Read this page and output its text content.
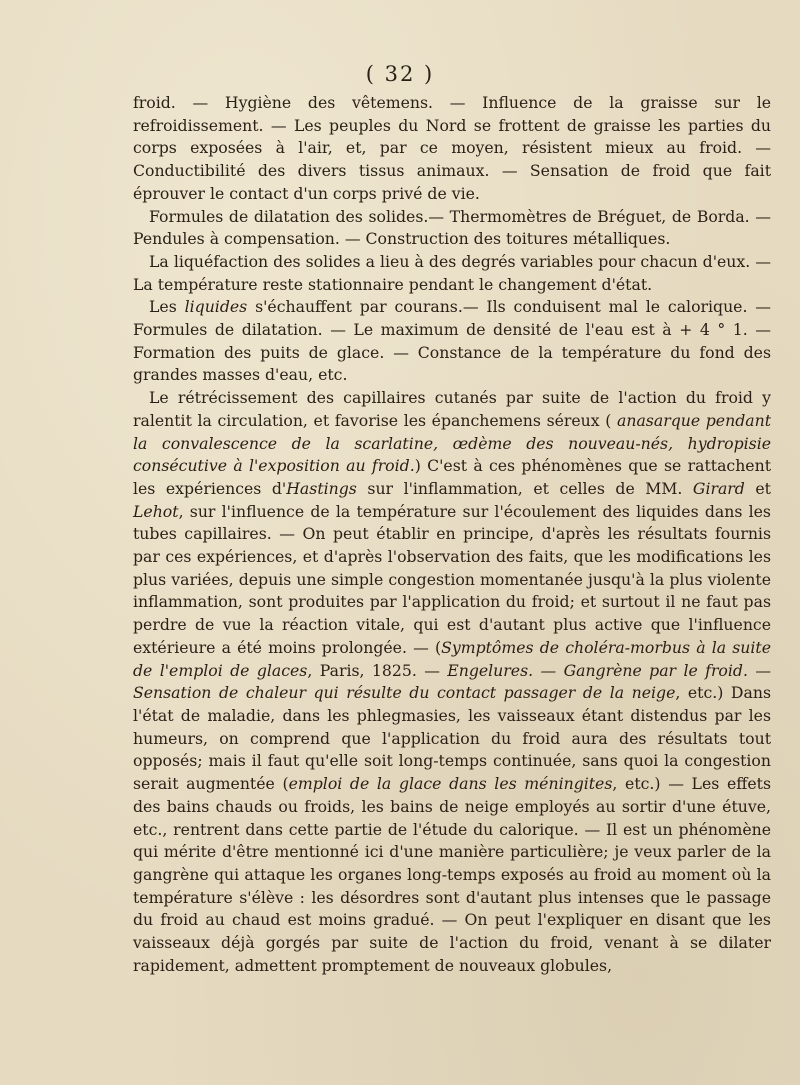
( 32 )

froid. — Hygiène des vêtemens. — Influence de la graisse sur le refroidissement. — Les peuples du Nord se frottent de graisse les parties du corps exposées à l'air, et, par ce moyen, résistent mieux au froid. — Conductibilité des divers tissus animaux. — Sensation de froid que fait éprouver le contact d'un corps privé de vie.

Formules de dilatation des solides.— Thermomètres de Bréguet, de Borda. — Pendules à compensation. — Construction des toitures métalliques.

La liquéfaction des solides a lieu à des degrés variables pour chacun d'eux. — La température reste stationnaire pendant le changement d'état.

Les liquides s'échauffent par courans.— Ils conduisent mal le calorique. — Formules de dilatation. — Le maximum de densité de l'eau est à + 4 ° 1. — Formation des puits de glace. — Constance de la température du fond des grandes masses d'eau, etc.

Le rétrécissement des capillaires cutanés par suite de l'action du froid y ralentit la circulation, et favorise les épanchemens séreux ( anasarque pendant la convalescence de la scarlatine, œdème des nouveau-nés, hydropisie consécutive à l'exposition au froid.) C'est à ces phénomènes que se rattachent les expériences d'Hastings sur l'inflammation, et celles de MM. Girard et Lehot, sur l'influence de la température sur l'écoulement des liquides dans les tubes capillaires. — On peut établir en principe, d'après les résultats fournis par ces expériences, et d'après l'observation des faits, que les modifications les plus variées, depuis une simple congestion momentanée jusqu'à la plus violente inflammation, sont produites par l'application du froid; et surtout il ne faut pas perdre de vue la réaction vitale, qui est d'autant plus active que l'influence extérieure a été moins prolongée. — (Symptômes de choléra-morbus à la suite de l'emploi de glaces, Paris, 1825. — Engelures. — Gangrène par le froid. — Sensation de chaleur qui résulte du contact passager de la neige, etc.) Dans l'état de maladie, dans les phlegmasies, les vaisseaux étant distendus par les humeurs, on comprend que l'application du froid aura des résultats tout opposés; mais il faut qu'elle soit long-temps continuée, sans quoi la congestion serait augmentée (emploi de la glace dans les méningites, etc.) — Les effets des bains chauds ou froids, les bains de neige employés au sortir d'une étuve, etc., rentrent dans cette partie de l'étude du calorique. — Il est un phénomène qui mérite d'être mentionné ici d'une manière particulière; je veux parler de la gangrène qui attaque les organes long-temps exposés au froid au moment où la température s'élève : les désordres sont d'autant plus intenses que le passage du froid au chaud est moins gradué. — On peut l'expliquer en disant que les vaisseaux déjà gorgés par suite de l'action du froid, venant à se dilater rapidement, admettent promptement de nouveaux globules,
